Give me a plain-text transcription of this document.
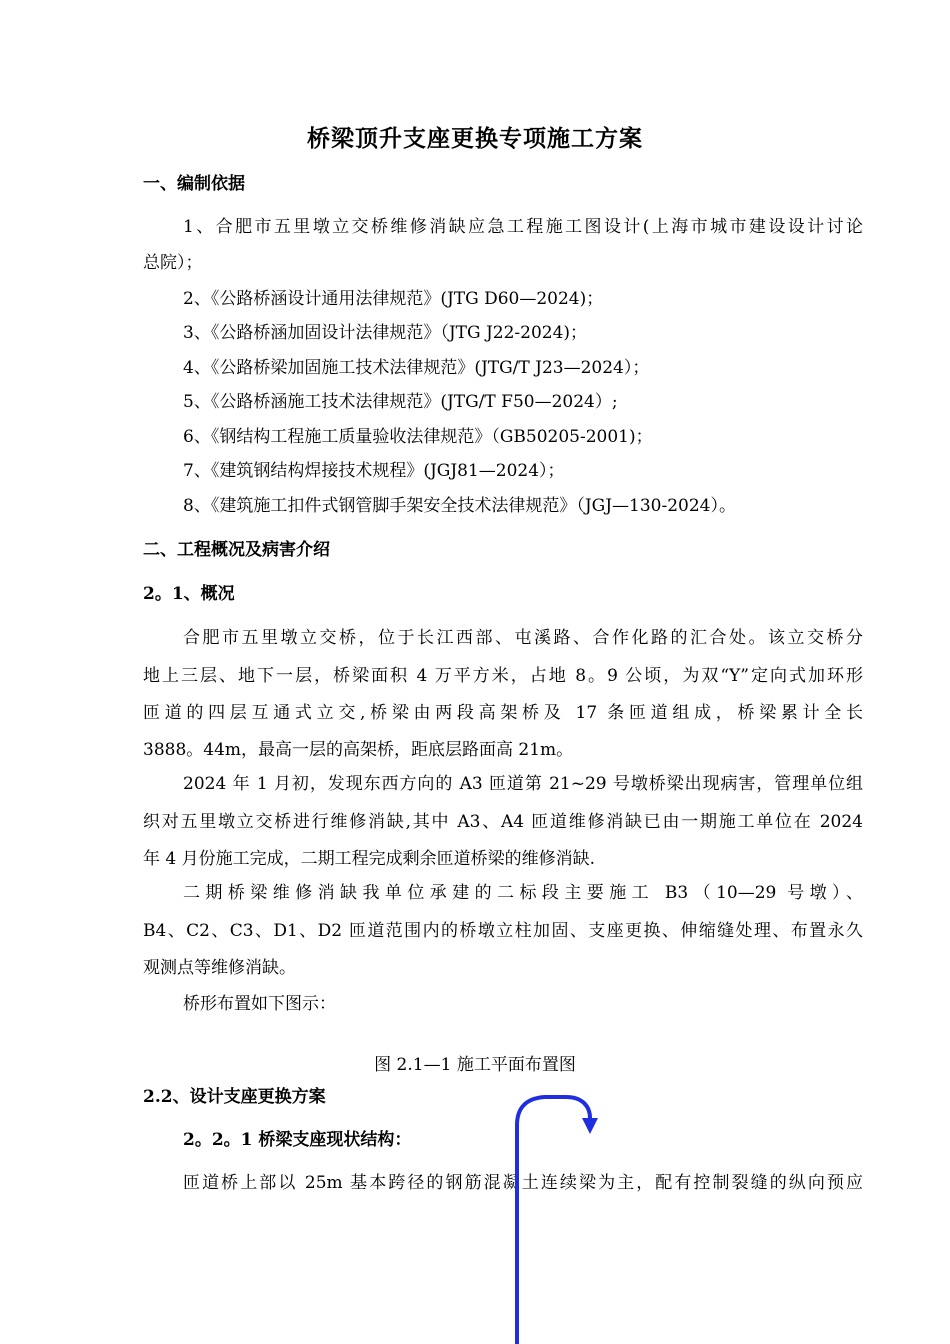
桥梁顶升支座更换专项施工方案
一、编制依据
1、合肥市五里墩立交桥维修消缺应急工程施工图设计(上海市城市建设设计讨论
总院）；
2、《公路桥涵设计通用法律规范》(JTG D60—2024)；
3、《公路桥涵加固设计法律规范》（JTG J22-2024)；
4、《公路桥梁加固施工技术法律规范》(JTG/T J23—2024）；
5、《公路桥涵施工技术法律规范》(JTG/T F50—2024）;
6、《钢结构工程施工质量验收法律规范》（GB50205-2001)；
7、《建筑钢结构焊接技术规程》(JGJ81—2024）；
8、《建筑施工扣件式钢管脚手架安全技术法律规范》（JGJ—130-2024）。
二、工程概况及病害介绍
2。1、概况
合肥市五里墩立交桥，位于长江西部、屯溪路、合作化路的汇合处。该立交桥分
地上三层、地下一层，桥梁面积 4 万平方米，占地 8。9 公顷，为双“Y”定向式加环形
匝道的四层互通式立交,桥梁由两段高架桥及 17 条匝道组成，桥梁累计全长
3888。44m，最高一层的高架桥，距底层路面高 21m。
2024 年 1 月初，发现东西方向的 A3 匝道第 21~29 号墩桥梁出现病害，管理单位组
织对五里墩立交桥进行维修消缺,其中 A3、A4 匝道维修消缺已由一期施工单位在 2024
年 4 月份施工完成，二期工程完成剩余匝道桥梁的维修消缺.
二期桥梁维修消缺我单位承建的二标段主要施工 B3（10—29 号墩）、
B4、C2、C3、D1、D2 匝道范围内的桥墩立柱加固、支座更换、伸缩缝处理、布置永久
观测点等维修消缺。
桥形布置如下图示：
图 2.1—1 施工平面布置图
2.2、设计支座更换方案
2。2。1 桥梁支座现状结构：
匝道桥上部以 25m 基本跨径的钢筋混凝土连续梁为主，配有控制裂缝的纵向预应
